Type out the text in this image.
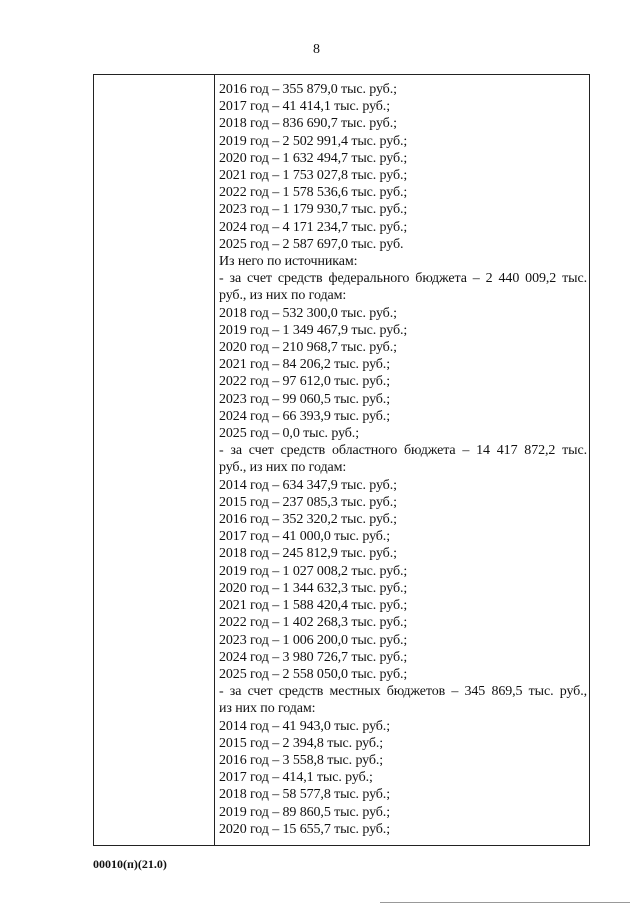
8
2016 год – 355 879,0 тыс. руб.;
2017 год – 41 414,1 тыс. руб.;
2018 год – 836 690,7 тыс. руб.;
2019 год – 2 502 991,4 тыс. руб.;
2020 год – 1 632 494,7 тыс. руб.;
2021 год – 1 753 027,8 тыс. руб.;
2022 год – 1 578 536,6 тыс. руб.;
2023 год – 1 179 930,7 тыс. руб.;
2024 год – 4 171 234,7 тыс. руб.;
2025 год – 2 587 697,0 тыс. руб.
Из него по источникам:
- за счет средств федерального бюджета – 2 440 009,2 тыс.
руб., из них по годам:
2018 год – 532 300,0 тыс. руб.;
2019 год – 1 349 467,9 тыс. руб.;
2020 год – 210 968,7 тыс. руб.;
2021 год – 84 206,2 тыс. руб.;
2022 год – 97 612,0 тыс. руб.;
2023 год – 99 060,5 тыс. руб.;
2024 год – 66 393,9 тыс. руб.;
2025 год – 0,0 тыс. руб.;
- за счет средств областного бюджета – 14 417 872,2 тыс.
руб., из них по годам:
2014 год – 634 347,9 тыс. руб.;
2015 год – 237 085,3 тыс. руб.;
2016 год – 352 320,2 тыс. руб.;
2017 год – 41 000,0 тыс. руб.;
2018 год – 245 812,9 тыс. руб.;
2019 год – 1 027 008,2 тыс. руб.;
2020 год – 1 344 632,3 тыс. руб.;
2021 год – 1 588 420,4 тыс. руб.;
2022 год – 1 402 268,3 тыс. руб.;
2023 год – 1 006 200,0 тыс. руб.;
2024 год – 3 980 726,7 тыс. руб.;
2025 год – 2 558 050,0 тыс. руб.;
- за счет средств местных бюджетов – 345 869,5 тыс. руб.,
из них по годам:
2014 год – 41 943,0 тыс. руб.;
2015 год – 2 394,8 тыс. руб.;
2016 год – 3 558,8 тыс. руб.;
2017 год – 414,1 тыс. руб.;
2018 год – 58 577,8 тыс. руб.;
2019 год – 89 860,5 тыс. руб.;
2020 год – 15 655,7 тыс. руб.;
00010(п)(21.0)
